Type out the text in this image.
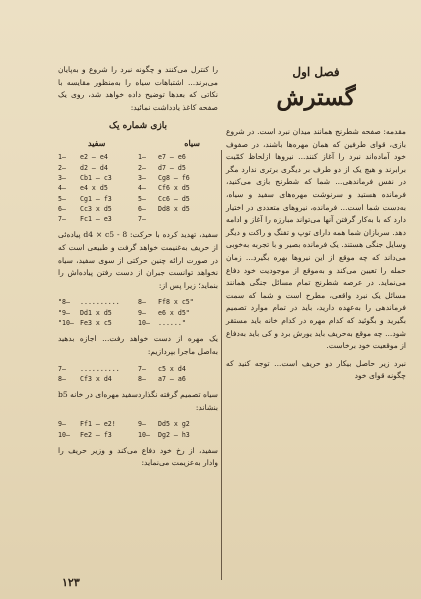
فصل اول
گسترش

مقدمه: صفحه شطرنج همانند میدان نبرد است. در شروع بازی، قوای طرفین که همان مهره‌ها باشند، در صفوف خود آماده‌اند نبرد را آغاز کنند... نیروها ازلحاظ کمّیت برابرند و هیچ یک از دو طرف بر دیگری برتری ندارد مگر در نفس فرماندهی... شما که شطرنج بازی می‌کنید، فرمانده هستید و سرنوشت مهره‌های سفید و سیاه، به‌دست شما است... فرمانده، نیروهای متعددی در اختیار دارد که با به‌کار گرفتن آنها می‌تواند مبارزه را آغاز و ادامه دهد. سربازان شما همه دارای توپ و تفنگ و راکت و دیگر وسایل جنگی هستند. یک فرمانده بصیر و با تجربه به‌خوبی می‌داند که چه موقع از این نیروها بهره بگیرد... زمان حمله را تعیین می‌کند و به‌موقع از موجودیت خود دفاع می‌نماید. در عرصه شطرنج تمام مسائل جنگی همانند مسائل یک نبرد واقعی، مطرح است و شما که سمت فرماندهی را به‌عهده دارید، باید در تمام موارد تصمیم بگیرید و بگوئید که کدام مهره در کدام خانه باید مستقر شود... چه موقع به‌حریف باید یورش برد و کی باید به‌دفاع از موقعیت خود برخاست.

نبرد زیر حاصل بیکار دو حریف است... توجه کنید که چگونه قوای خود

را کنترل می‌کنند و چگونه نبرد را شروع و به‌پایان می‌برند... اشتباهات سیاه را به‌منظور مقایسه با نکاتی که بعدها توضیح داده خواهد شد، روی یک صفحه کاغذ یادداشت نمائید:

بازی شماره یک
سیاه
سفید
1—	e2 — e4	1—	e7 — e6
2—	d2 — d4	2—	d7 — d5
3—	Cb1 — c3	3—	Cg8 — f6
4—	e4 x d5	4—	Cf6 x d5
5—	Cg1 — f3	5—	Cc6 — d5
6—	Cc3 x d5	6—	Dd8 x d5
7—	Fc1 — e3	7—

سفید، تهدید کرده با حرکت: 8 - d4 × c5 پیاده‌ئی از حریف به‌غنیمت خواهد گرفت و طبیعی است که در صورت ارائه چنین حرکتی از سوی سفید، سیاه نخواهد توانست جبران از دست رفتن پیاده‌اش را بنماید؛ زیرا پس از:

"8—	..........	8—	Ff8 x c5"
"9—	Dd1 x d5	9—	e6 x d5"
"10— Fe3 x c5	10—	......"

یک مهره از دست خواهد رفت... اجازه بدهید به‌اصل ماجرا بپردازیم:

7—	..........	7—	c5 x d4
8—	Cf3 x d4	8—	a7 — a6

سیاه تصمیم گرفته نگذاردسفید مهره‌ای در خانه b5 بنشاند:

9—	Ff1 — e2!	9—	Dd5 x g2
10—	Fe2 — f3	10—	Dg2 — h3

سفید، از رخ خود دفاع می‌کند و وزیر حریف را وادار به‌عزیمت می‌نماید:

۱۲۳
